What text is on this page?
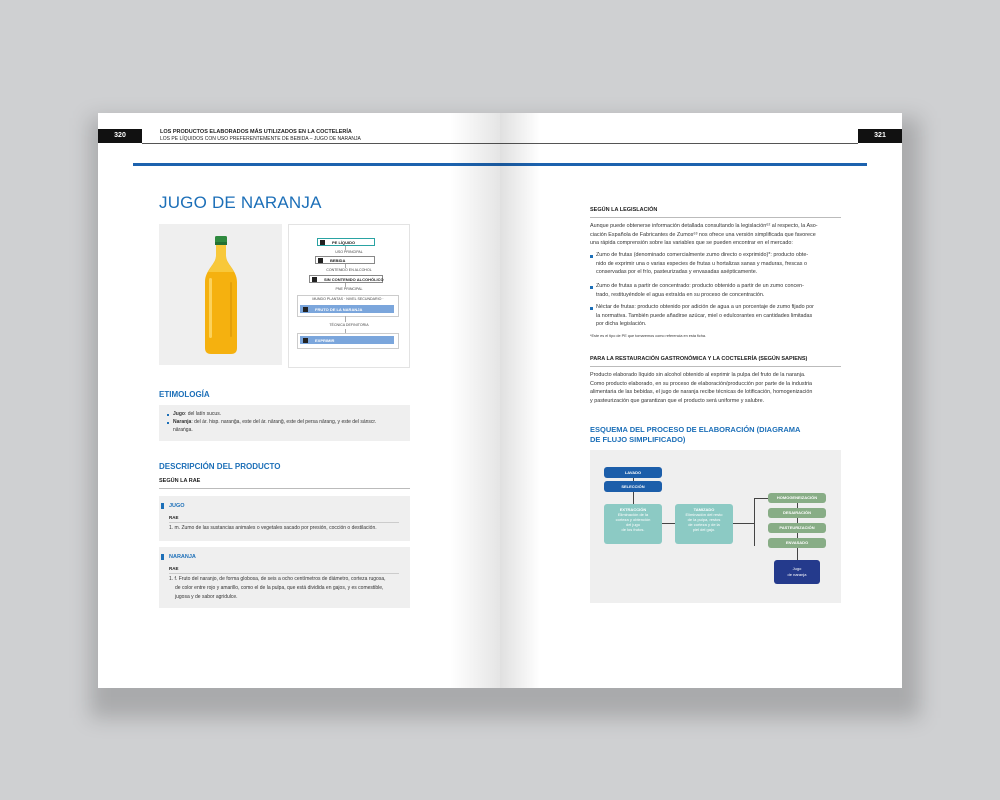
320	LOS PRODUCTOS ELABORADOS MÁS UTILIZADOS EN LA COCTELERÍA
LOS PE LÍQUIDOS CON USO PREFERENTEMENTE DE BEBIDA – JUGO DE NARANJA
JUGO DE NARANJA
PE LÍQUIDO
USO PRINCIPAL
BEBIDA
CONTENIDO EN ALCOHOL
SIN CONTENIDO ALCOHÓLICO
PNE PRINCIPAL
MUNDO PLANTAS · NIVEL SECUNDARIO ·
FRUTO DE LA NARANJA
TÉCNICA DEFINITORIA
EXPRIMIR
ETIMOLOGÍA
Jugo: del latín sucus.
Naranja: del ár. hisp. naranǧa, este del ár. nāranǧ, este del persa nārang, y este del sánscr.
nāraṅga.
DESCRIPCIÓN DEL PRODUCTO
SEGÚN LA RAE
JUGO
RAE
1. m. Zumo de las sustancias animales o vegetales sacado por presión, cocción o destilación.
NARANJA
RAE
1. f. Fruto del naranjo, de forma globosa, de seis a ocho centímetros de diámetro, corteza rugosa,
de color entre rojo y amarillo, como el de la pulpa, que está dividida en gajos, y es comestible,
jugosa y de sabor agridulce.
321
SEGÚN LA LEGISLACIÓN
Aunque puede obtenerse información detallada consultando la legislación⁶² al respecto, la Aso-
ciación Española de Fabricantes de Zumos⁶³ nos ofrece una versión simplificada que favorece
una rápida comprensión sobre las variables que se pueden encontrar en el mercado:
Zumo de frutas (denominado comercialmente zumo directo o exprimido)*: producto obte-
nido de exprimir una o varias especies de frutas u hortalizas sanas y maduras, frescas o
conservadas por el frío, pasteurizadas y envasadas asépticamente.
Zumo de frutas a partir de concentrado: producto obtenido a partir de un zumo concen-
trado, restituyéndole el agua extraída en su proceso de concentración.
Néctar de frutas: producto obtenido por adición de agua a un porcentaje de zumo fijado por
la normativa. También puede añadirse azúcar, miel o edulcorantes en cantidades limitadas
por dicha legislación.
*Este es el tipo de PE que tomaremos como referencia en esta ficha.
PARA LA RESTAURACIÓN GASTRONÓMICA Y LA COCTELERÍA (SEGÚN SAPIENS)
Producto elaborado líquido sin alcohol obtenido al exprimir la pulpa del fruto de la naranja.
Como producto elaborado, en su proceso de elaboración/producción por parte de la industria
alimentaria de las bebidas, el jugo de naranja recibe técnicas de lotificación, homogenización
y pasteurización que garantizan que el producto será uniforme y salubre.
ESQUEMA DEL PROCESO DE ELABORACIÓN (DIAGRAMA
DE FLUJO SIMPLIFICADO)
LAVADO
SELECCIÓN
EXTRACCIÓN
Eliminación de la
corteza y obtención
del jugo
de los frutos.
TAMIZADO
Eliminación del resto
de la pulpa, restos
de corteza y de la
piel del gajo.
HOMOGENEIZACIÓN
DESAIRACIÓN
PASTEURIZACIÓN
ENVASADO
Jugo
de naranja
